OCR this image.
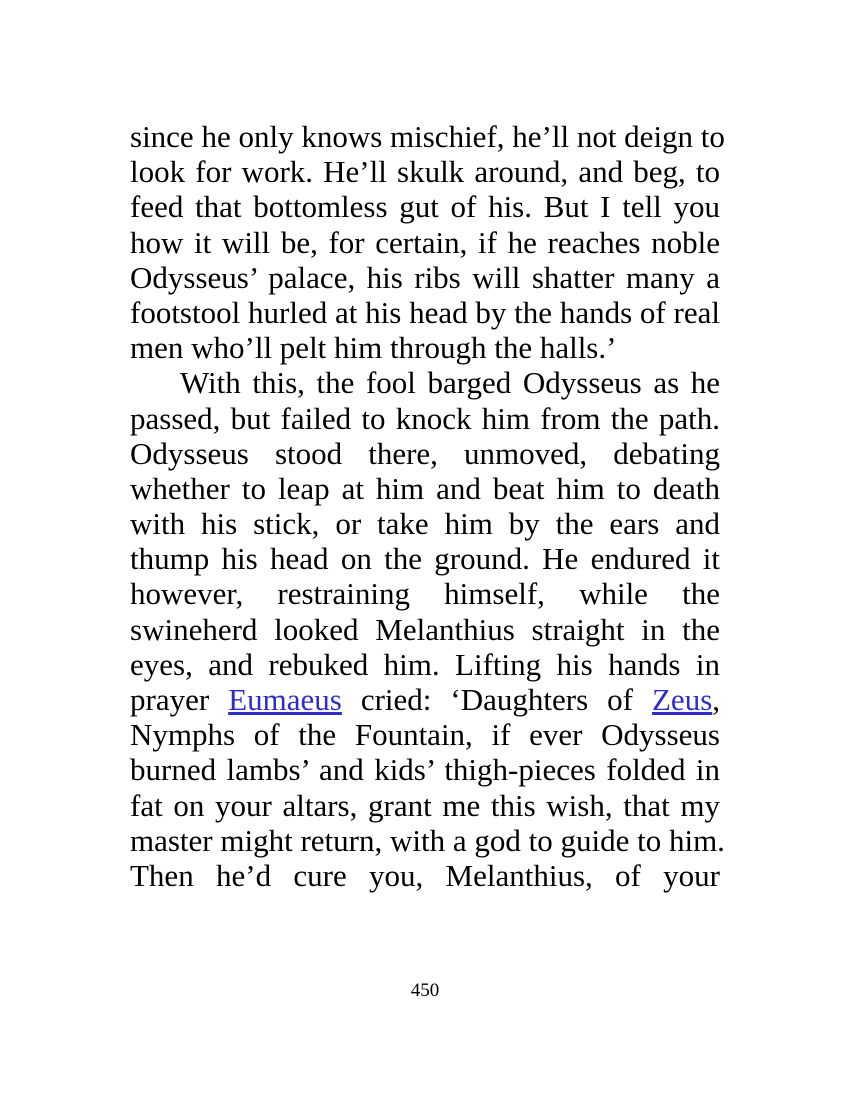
since he only knows mischief, he’ll not deign to
look for work. He’ll skulk around, and beg, to
feed that bottomless gut of his. But I tell you
how it will be, for certain, if he reaches noble
Odysseus’ palace, his ribs will shatter many a
footstool hurled at his head by the hands of real
men who’ll pelt him through the halls.’
With this, the fool barged Odysseus as he
passed, but failed to knock him from the path.
Odysseus stood there, unmoved, debating
whether to leap at him and beat him to death
with his stick, or take him by the ears and
thump his head on the ground. He endured it
however, restraining himself, while the
swineherd looked Melanthius straight in the
eyes, and rebuked him. Lifting his hands in
prayer Eumaeus cried: ‘Daughters of Zeus,
Nymphs of the Fountain, if ever Odysseus
burned lambs’ and kids’ thigh-pieces folded in
fat on your altars, grant me this wish, that my
master might return, with a god to guide to him.
Then he’d cure you, Melanthius, of your
450
